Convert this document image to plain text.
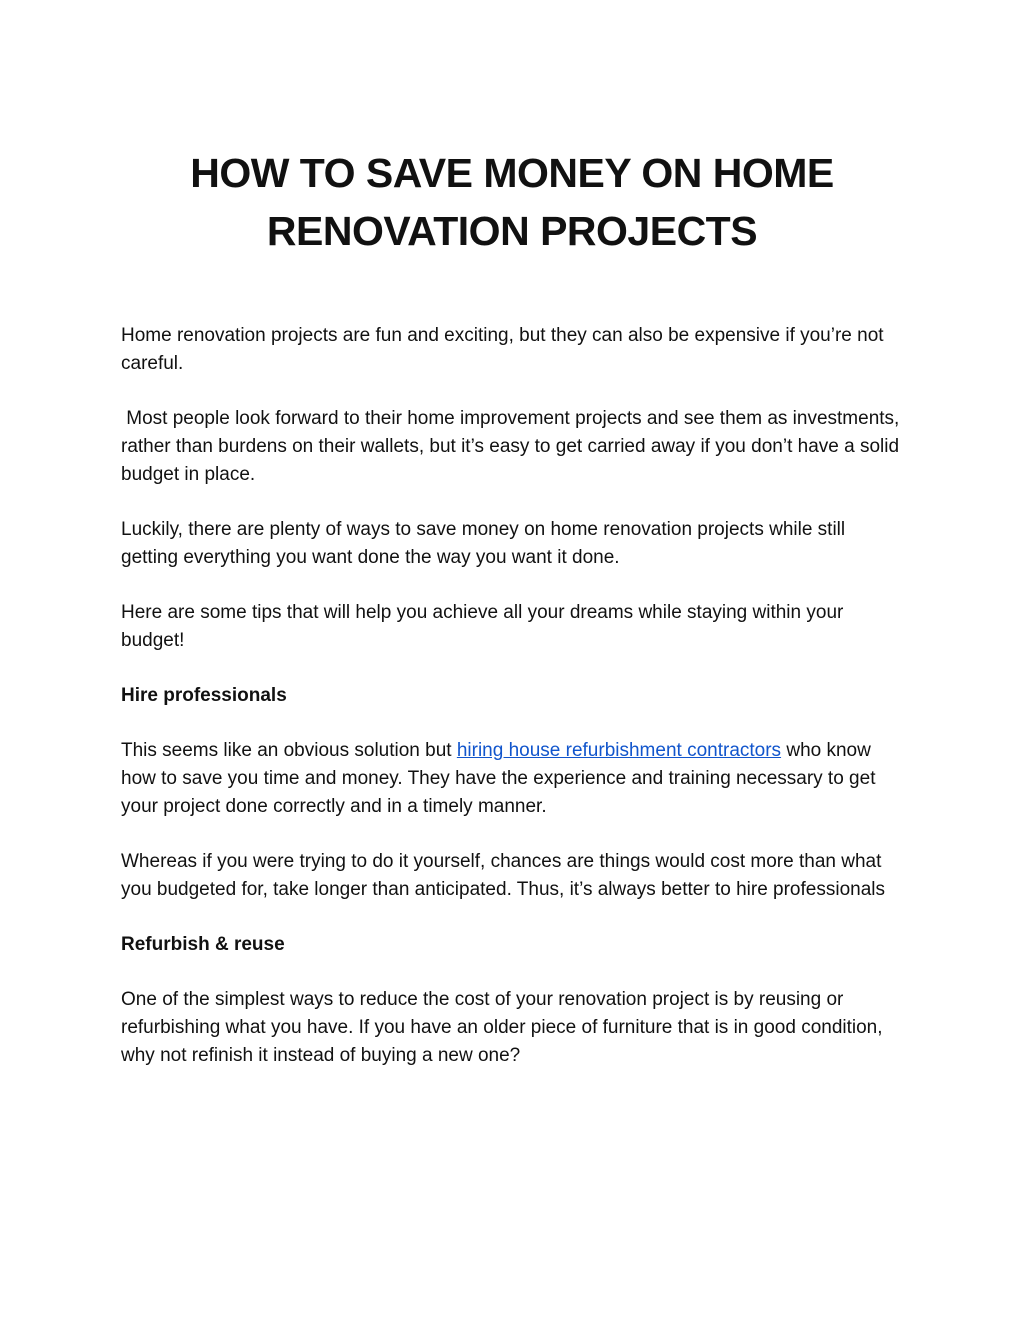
HOW TO SAVE MONEY ON HOME
RENOVATION PROJECTS

Home renovation projects are fun and exciting, but they can also be expensive if you’re not careful.

Most people look forward to their home improvement projects and see them as investments, rather than burdens on their wallets, but it’s easy to get carried away if you don’t have a solid budget in place.

Luckily, there are plenty of ways to save money on home renovation projects while still getting everything you want done the way you want it done.

Here are some tips that will help you achieve all your dreams while staying within your budget!

Hire professionals

This seems like an obvious solution but hiring house refurbishment contractors who know how to save you time and money. They have the experience and training necessary to get your project done correctly and in a timely manner.

Whereas if you were trying to do it yourself, chances are things would cost more than what you budgeted for, take longer than anticipated. Thus, it’s always better to hire professionals

Refurbish & reuse

One of the simplest ways to reduce the cost of your renovation project is by reusing or refurbishing what you have. If you have an older piece of furniture that is in good condition, why not refinish it instead of buying a new one?
